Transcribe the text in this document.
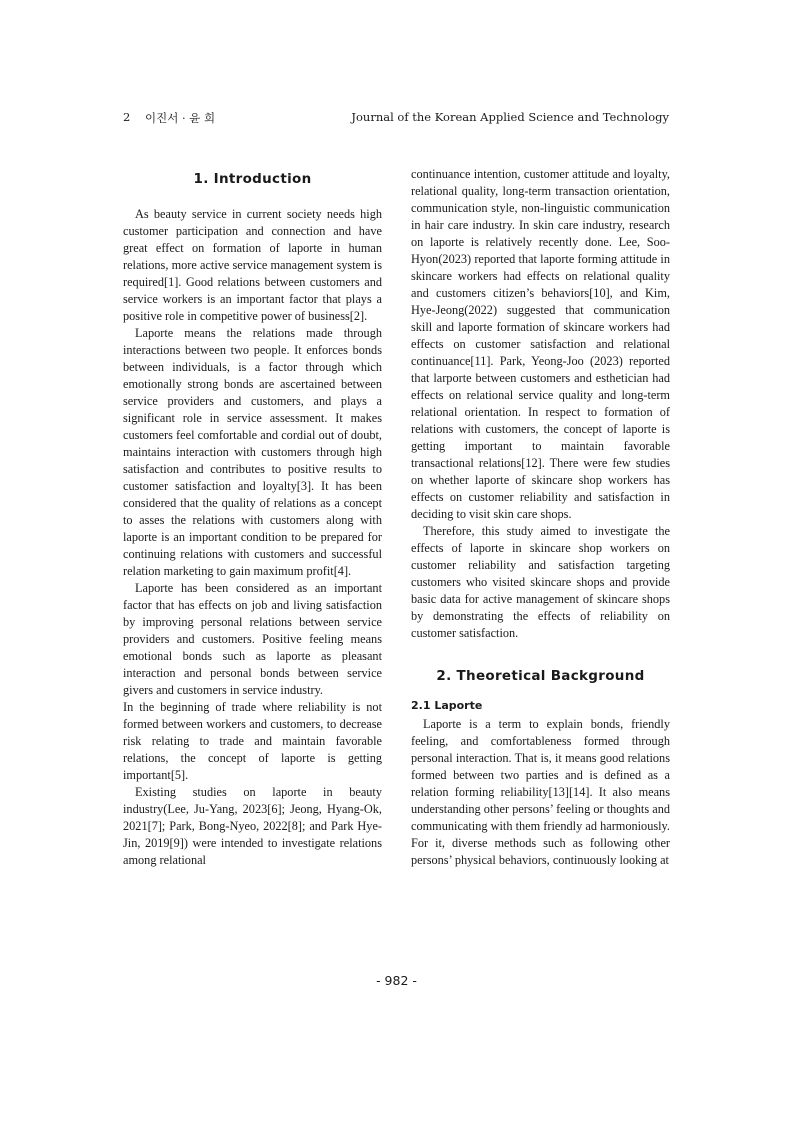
2 이진서 · 윤 희	Journal of the Korean Applied Science and Technology
1. Introduction

As beauty service in current society needs high customer participation and connection and have great effect on formation of laporte in human relations, more active service management system is required[1]. Good relations between customers and service workers is an important factor that plays a positive role in competitive power of business[2].

Laporte means the relations made through interactions between two people. It enforces bonds between individuals, is a factor through which emotionally strong bonds are ascertained between service providers and customers, and plays a significant role in service assessment. It makes customers feel comfortable and cordial out of doubt, maintains interaction with customers through high satisfaction and contributes to positive results to customer satisfaction and loyalty[3]. It has been considered that the quality of relations as a concept to asses the relations with customers along with laporte is an important condition to be prepared for continuing relations with customers and successful relation marketing to gain maximum profit[4].

Laporte has been considered as an important factor that has effects on job and living satisfaction by improving personal relations between service providers and customers. Positive feeling means emotional bonds such as laporte as pleasant interaction and personal bonds between service givers and customers in service industry.

In the beginning of trade where reliability is not formed between workers and customers, to decrease risk relating to trade and maintain favorable relations, the concept of laporte is getting important[5].

Existing studies on laporte in beauty industry(Lee, Ju-Yang, 2023[6]; Jeong, Hyang-Ok, 2021[7]; Park, Bong-Nyeo, 2022[8]; and Park Hye-Jin, 2019[9]) were intended to investigate relations among relational

continuance intention, customer attitude and loyalty, relational quality, long-term transaction orientation, communication style, non-linguistic communication in hair care industry. In skin care industry, research on laporte is relatively recently done. Lee, Soo-Hyon(2023) reported that laporte forming attitude in skincare workers had effects on relational quality and customers citizen’s behaviors[10], and Kim, Hye-Jeong(2022) suggested that communication skill and laporte formation of skincare workers had effects on customer satisfaction and relational continuance[11]. Park, Yeong-Joo (2023) reported that larporte between customers and esthetician had effects on relational service quality and long-term relational orientation. In respect to formation of relations with customers, the concept of laporte is getting important to maintain favorable transactional relations[12]. There were few studies on whether laporte of skincare shop workers has effects on customer reliability and satisfaction in deciding to visit skin care shops.

Therefore, this study aimed to investigate the effects of laporte in skincare shop workers on customer reliability and satisfaction targeting customers who visited skincare shops and provide basic data for active management of skincare shops by demonstrating the effects of reliability on customer satisfaction.

2. Theoretical Background
2.1 Laporte

Laporte is a term to explain bonds, friendly feeling, and comfortableness formed through personal interaction. That is, it means good relations formed between two parties and is defined as a relation forming reliability[13][14]. It also means understanding other persons’ feeling or thoughts and communicating with them friendly ad harmoniously. For it, diverse methods such as following other persons’ physical behaviors, continuously looking at

- 982 -
